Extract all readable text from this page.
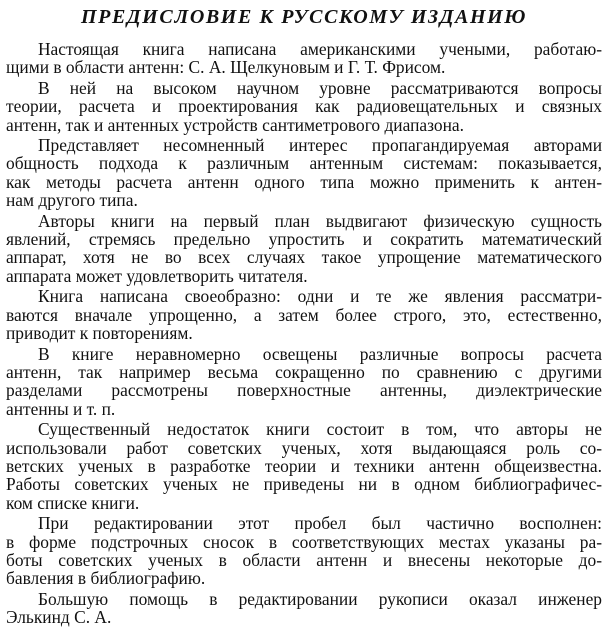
ПРЕДИСЛОВИЕ К РУССКОМУ ИЗДАНИЮ
Настоящая книга написана американскими учеными, работаю-
щими в области антенн: С. А. Щелкуновым и Г. Т. Фрисом.
В ней на высоком научном уровне рассматриваются вопросы
теории, расчета и проектирования как радиовещательных и связных
антенн, так и антенных устройств сантиметрового диапазона.
Представляет несомненный интерес пропагандируемая авторами
общность подхода к различным антенным системам: показывается,
как методы расчета антенн одного типа можно применить к антен-
нам другого типа.
Авторы книги на первый план выдвигают физическую сущность
явлений, стремясь предельно упростить и сократить математический
аппарат, хотя не во всех случаях такое упрощение математического
аппарата может удовлетворить читателя.
Книга написана своеобразно: одни и те же явления рассматри-
ваются вначале упрощенно, а затем более строго, это, естественно,
приводит к повторениям.
В книге неравномерно освещены различные вопросы расчета
антенн, так например весьма сокращенно по сравнению с другими
разделами рассмотрены поверхностные антенны, диэлектрические
антенны и т. п.
Существенный недостаток книги состоит в том, что авторы не
использовали работ советских ученых, хотя выдающаяся роль со-
ветских ученых в разработке теории и техники антенн общеизвестна.
Работы советских ученых не приведены ни в одном библиографичес-
ком списке книги.
При редактировании этот пробел был частично восполнен:
в форме подстрочных сносок в соответствующих местах указаны ра-
боты советских ученых в области антенн и внесены некоторые до-
бавления в библиографию.
Большую помощь в редактировании рукописи оказал инженер
Элькинд С. А.
